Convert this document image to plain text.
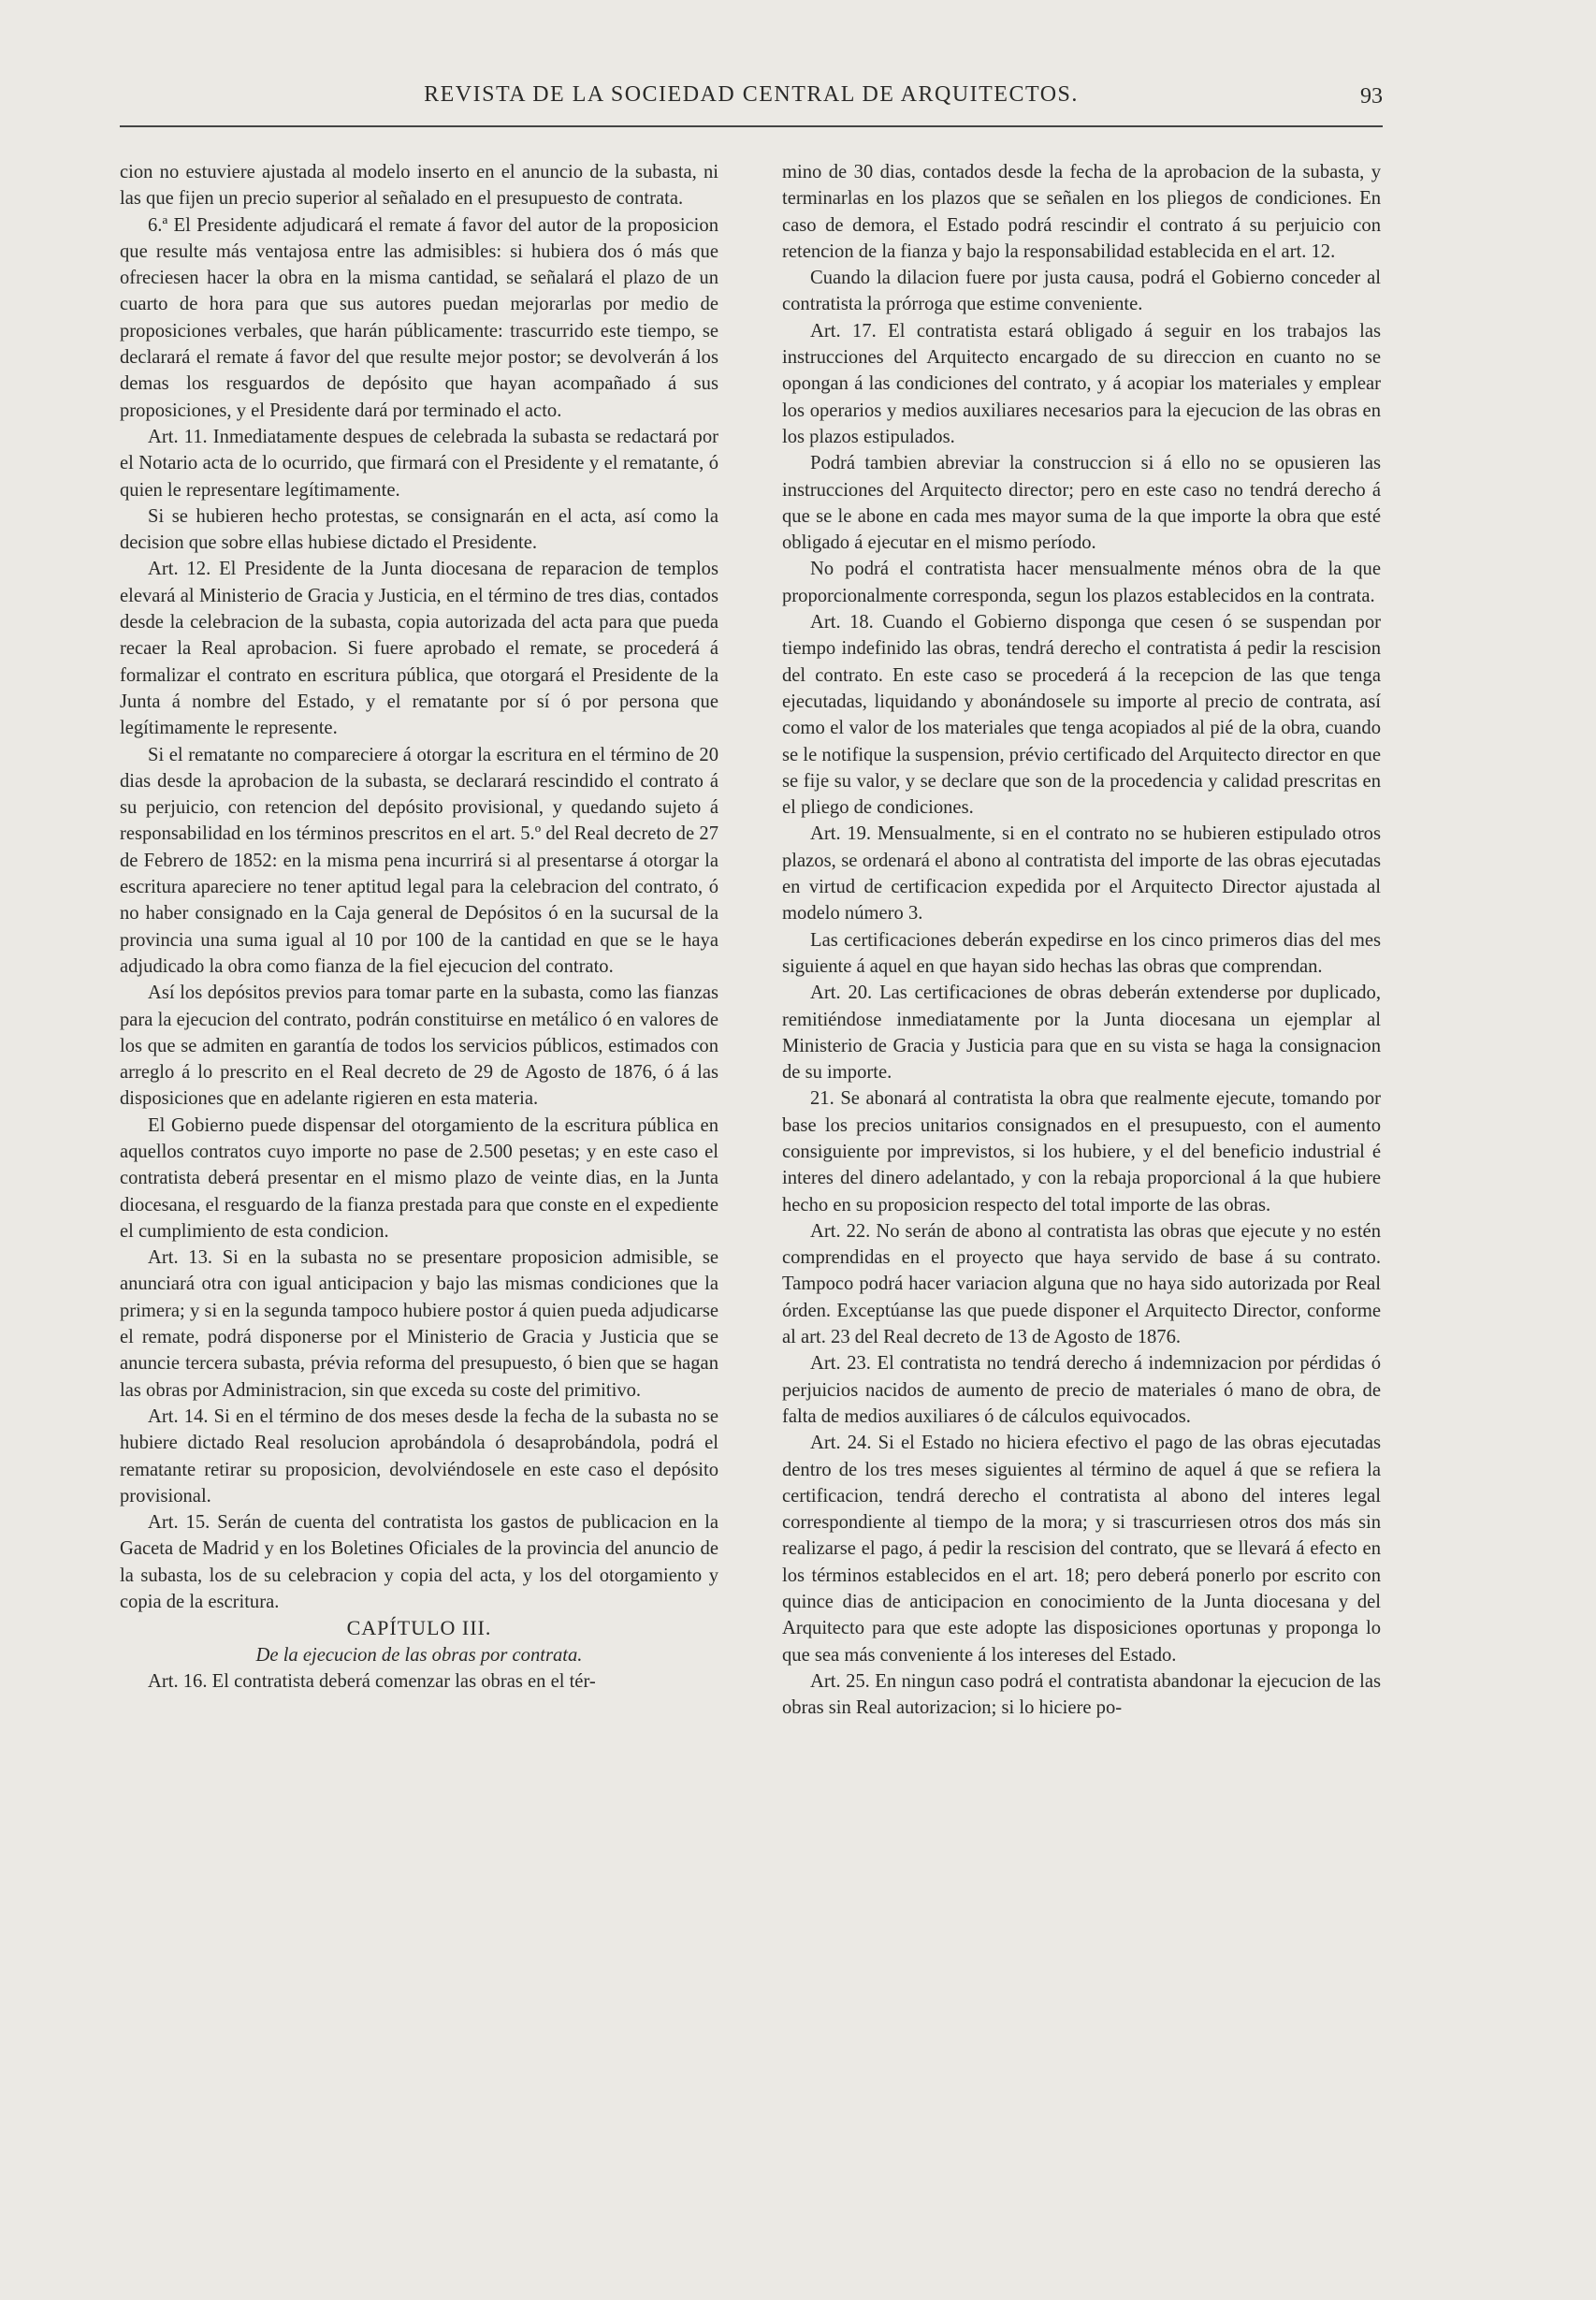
REVISTA DE LA SOCIEDAD CENTRAL DE ARQUITECTOS.	93

cion no estuviere ajustada al modelo inserto en el anuncio de la subasta, ni las que fijen un precio superior al señalado en el presupuesto de contrata.

6.ª El Presidente adjudicará el remate á favor del autor de la proposicion que resulte más ventajosa entre las admisibles: si hubiera dos ó más que ofreciesen hacer la obra en la misma cantidad, se señalará el plazo de un cuarto de hora para que sus autores puedan mejorarlas por medio de proposiciones verbales, que harán públicamente: trascurrido este tiempo, se declarará el remate á favor del que resulte mejor postor; se devolverán á los demas los resguardos de depósito que hayan acompañado á sus proposiciones, y el Presidente dará por terminado el acto.

Art. 11. Inmediatamente despues de celebrada la subasta se redactará por el Notario acta de lo ocurrido, que firmará con el Presidente y el rematante, ó quien le representare legítimamente.

Si se hubieren hecho protestas, se consignarán en el acta, así como la decision que sobre ellas hubiese dictado el Presidente.

Art. 12. El Presidente de la Junta diocesana de reparacion de templos elevará al Ministerio de Gracia y Justicia, en el término de tres dias, contados desde la celebracion de la subasta, copia autorizada del acta para que pueda recaer la Real aprobacion. Si fuere aprobado el remate, se procederá á formalizar el contrato en escritura pública, que otorgará el Presidente de la Junta á nombre del Estado, y el rematante por sí ó por persona que legítimamente le represente.

Si el rematante no compareciere á otorgar la escritura en el término de 20 dias desde la aprobacion de la subasta, se declarará rescindido el contrato á su perjuicio, con retencion del depósito provisional, y quedando sujeto á responsabilidad en los términos prescritos en el art. 5.º del Real decreto de 27 de Febrero de 1852: en la misma pena incurrirá si al presentarse á otorgar la escritura apareciere no tener aptitud legal para la celebracion del contrato, ó no haber consignado en la Caja general de Depósitos ó en la sucursal de la provincia una suma igual al 10 por 100 de la cantidad en que se le haya adjudicado la obra como fianza de la fiel ejecucion del contrato.

Así los depósitos previos para tomar parte en la subasta, como las fianzas para la ejecucion del contrato, podrán constituirse en metálico ó en valores de los que se admiten en garantía de todos los servicios públicos, estimados con arreglo á lo prescrito en el Real decreto de 29 de Agosto de 1876, ó á las disposiciones que en adelante rigieren en esta materia.

El Gobierno puede dispensar del otorgamiento de la escritura pública en aquellos contratos cuyo importe no pase de 2.500 pesetas; y en este caso el contratista deberá presentar en el mismo plazo de veinte dias, en la Junta diocesana, el resguardo de la fianza prestada para que conste en el expediente el cumplimiento de esta condicion.

Art. 13. Si en la subasta no se presentare proposicion admisible, se anunciará otra con igual anticipacion y bajo las mismas condiciones que la primera; y si en la segunda tampoco hubiere postor á quien pueda adjudicarse el remate, podrá disponerse por el Ministerio de Gracia y Justicia que se anuncie tercera subasta, prévia reforma del presupuesto, ó bien que se hagan las obras por Administracion, sin que exceda su coste del primitivo.

Art. 14. Si en el término de dos meses desde la fecha de la subasta no se hubiere dictado Real resolucion aprobándola ó desaprobándola, podrá el rematante retirar su proposicion, devolviéndosele en este caso el depósito provisional.

Art. 15. Serán de cuenta del contratista los gastos de publicacion en la Gaceta de Madrid y en los Boletines Oficiales de la provincia del anuncio de la subasta, los de su celebracion y copia del acta, y los del otorgamiento y copia de la escritura.

CAPÍTULO III.

De la ejecucion de las obras por contrata.

Art. 16. El contratista deberá comenzar las obras en el tér-

mino de 30 dias, contados desde la fecha de la aprobacion de la subasta, y terminarlas en los plazos que se señalen en los pliegos de condiciones. En caso de demora, el Estado podrá rescindir el contrato á su perjuicio con retencion de la fianza y bajo la responsabilidad establecida en el art. 12.

Cuando la dilacion fuere por justa causa, podrá el Gobierno conceder al contratista la prórroga que estime conveniente.

Art. 17. El contratista estará obligado á seguir en los trabajos las instrucciones del Arquitecto encargado de su direccion en cuanto no se opongan á las condiciones del contrato, y á acopiar los materiales y emplear los operarios y medios auxiliares necesarios para la ejecucion de las obras en los plazos estipulados.

Podrá tambien abreviar la construccion si á ello no se opusieren las instrucciones del Arquitecto director; pero en este caso no tendrá derecho á que se le abone en cada mes mayor suma de la que importe la obra que esté obligado á ejecutar en el mismo período.

No podrá el contratista hacer mensualmente ménos obra de la que proporcionalmente corresponda, segun los plazos establecidos en la contrata.

Art. 18. Cuando el Gobierno disponga que cesen ó se suspendan por tiempo indefinido las obras, tendrá derecho el contratista á pedir la rescision del contrato. En este caso se procederá á la recepcion de las que tenga ejecutadas, liquidando y abonándosele su importe al precio de contrata, así como el valor de los materiales que tenga acopiados al pié de la obra, cuando se le notifique la suspension, prévio certificado del Arquitecto director en que se fije su valor, y se declare que son de la procedencia y calidad prescritas en el pliego de condiciones.

Art. 19. Mensualmente, si en el contrato no se hubieren estipulado otros plazos, se ordenará el abono al contratista del importe de las obras ejecutadas en virtud de certificacion expedida por el Arquitecto Director ajustada al modelo número 3.

Las certificaciones deberán expedirse en los cinco primeros dias del mes siguiente á aquel en que hayan sido hechas las obras que comprendan.

Art. 20. Las certificaciones de obras deberán extenderse por duplicado, remitiéndose inmediatamente por la Junta diocesana un ejemplar al Ministerio de Gracia y Justicia para que en su vista se haga la consignacion de su importe.

21. Se abonará al contratista la obra que realmente ejecute, tomando por base los precios unitarios consignados en el presupuesto, con el aumento consiguiente por imprevistos, si los hubiere, y el del beneficio industrial é interes del dinero adelantado, y con la rebaja proporcional á la que hubiere hecho en su proposicion respecto del total importe de las obras.

Art. 22. No serán de abono al contratista las obras que ejecute y no estén comprendidas en el proyecto que haya servido de base á su contrato. Tampoco podrá hacer variacion alguna que no haya sido autorizada por Real órden. Exceptúanse las que puede disponer el Arquitecto Director, conforme al art. 23 del Real decreto de 13 de Agosto de 1876.

Art. 23. El contratista no tendrá derecho á indemnizacion por pérdidas ó perjuicios nacidos de aumento de precio de materiales ó mano de obra, de falta de medios auxiliares ó de cálculos equivocados.

Art. 24. Si el Estado no hiciera efectivo el pago de las obras ejecutadas dentro de los tres meses siguientes al término de aquel á que se refiera la certificacion, tendrá derecho el contratista al abono del interes legal correspondiente al tiempo de la mora; y si trascurriesen otros dos más sin realizarse el pago, á pedir la rescision del contrato, que se llevará á efecto en los términos establecidos en el art. 18; pero deberá ponerlo por escrito con quince dias de anticipacion en conocimiento de la Junta diocesana y del Arquitecto para que este adopte las disposiciones oportunas y proponga lo que sea más conveniente á los intereses del Estado.

Art. 25. En ningun caso podrá el contratista abandonar la ejecucion de las obras sin Real autorizacion; si lo hiciere po-
